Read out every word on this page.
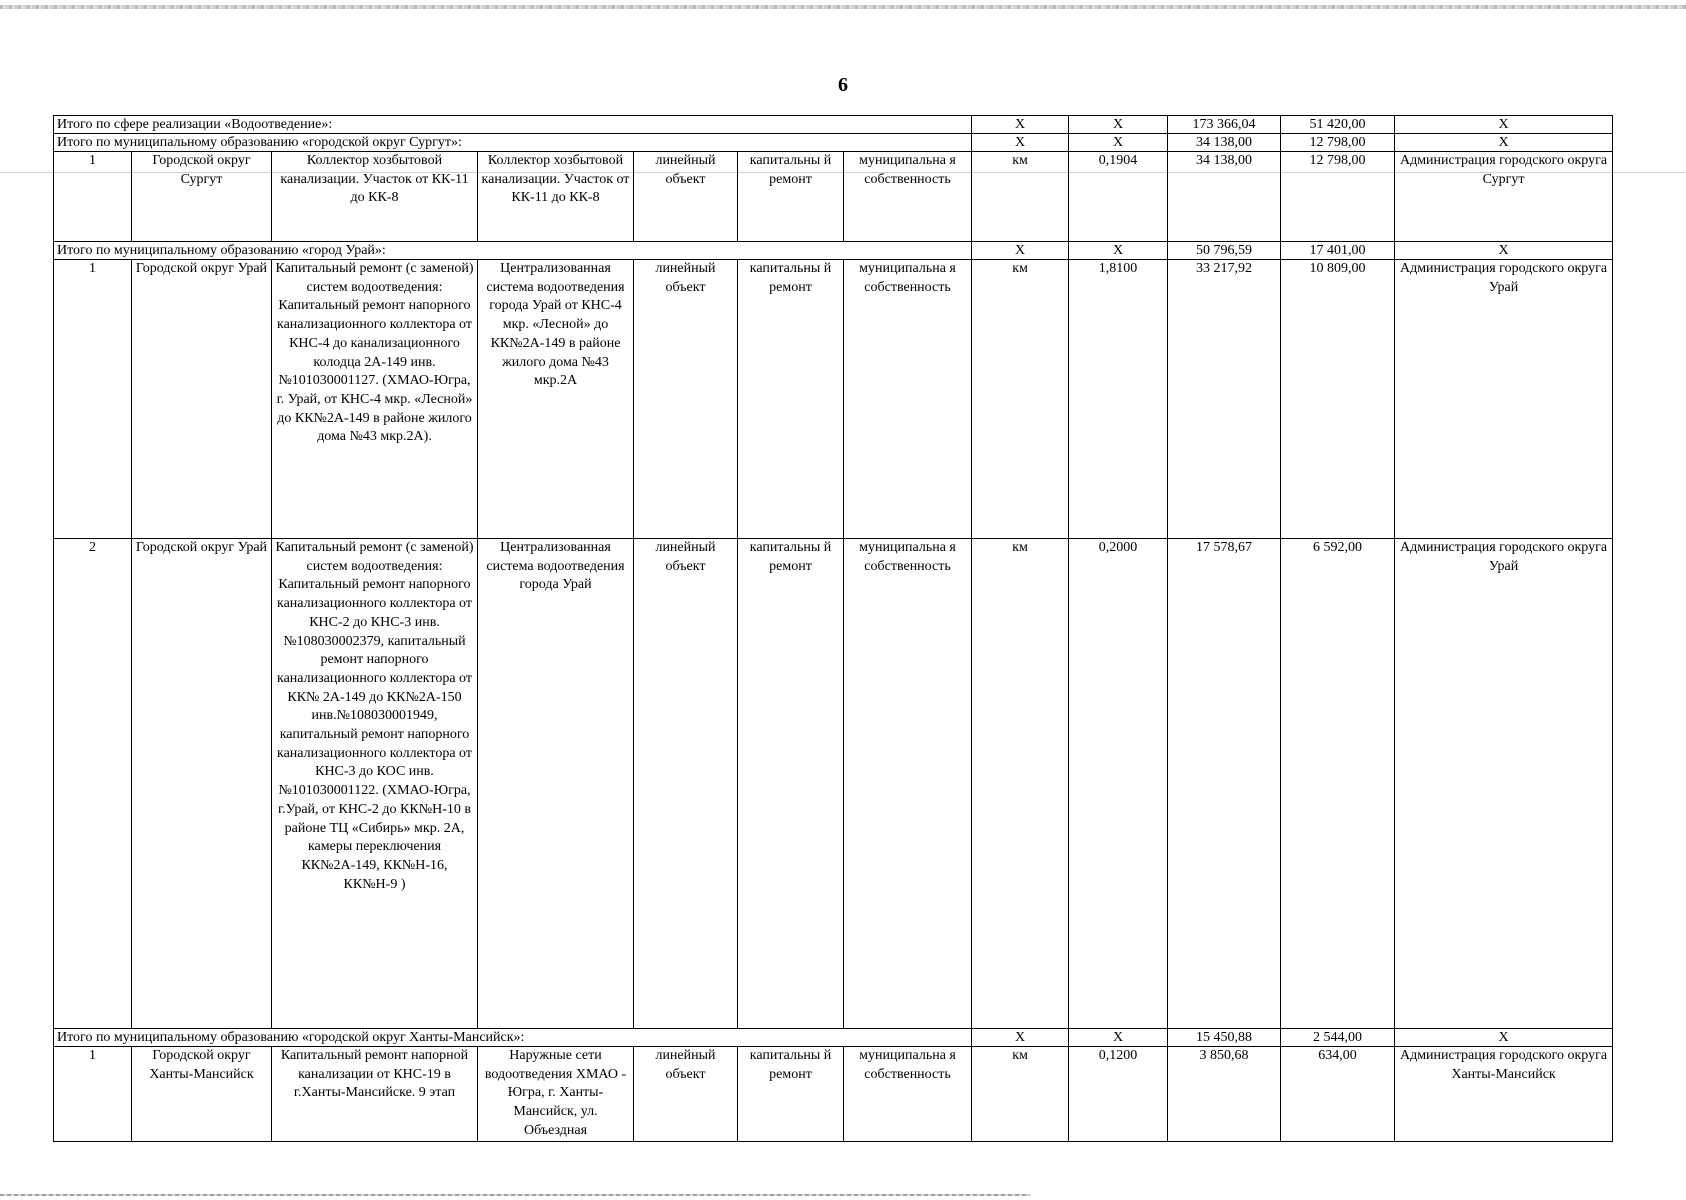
6
Итого по сфере реализации «Водоотведение»:							Х	Х	173 366,04	51 420,00	Х
Итого по муниципальному образованию «городской округ Сургут»:							Х	Х	34 138,00	12 798,00	Х
1	Городской округ Сургут	Коллектор хозбытовой канализации. Участок от КК-11 до КК-8	Коллектор хозбытовой канализации. Участок от КК-11 до КК-8	линейный объект	капитальны й ремонт	муниципальна я собственность	км	0,1904	34 138,00	12 798,00	Администрация городского округа Сургут
Итого по муниципальному образованию «город Урай»:							Х	Х	50 796,59	17 401,00	Х
1	Городской округ Урай	Капитальный ремонт (с заменой) систем водоотведения: Капитальный ремонт напорного канализационного коллектора от КНС-4 до канализационного колодца 2А-149 инв.№101030001127. (ХМАО-Югра, г. Урай, от КНС-4 мкр. «Лесной» до КК№2А-149 в районе жилого дома №43 мкр.2А).	Централизованная система водоотведения города Урай от КНС-4 мкр. «Лесной» до КК№2А-149 в районе жилого дома №43 мкр.2А	линейный объект	капитальны й ремонт	муниципальна я собственность	км	1,8100	33 217,92	10 809,00	Администрация городского округа Урай
2	Городской округ Урай	Капитальный ремонт (с заменой) систем водоотведения: Капитальный ремонт напорного канализационного коллектора от КНС-2 до КНС-3 инв.№108030002379, капитальный ремонт напорного канализационного коллектора от КК№ 2А-149 до КК№2А-150 инв.№108030001949, капитальный ремонт напорного канализационного коллектора от КНС-3 до КОС инв.№101030001122. (ХМАО-Югра, г.Урай, от КНС-2 до КК№Н-10 в районе ТЦ «Сибирь» мкр. 2А, камеры переключения КК№2А-149, КК№Н-16, КК№Н-9 )	Централизованная система водоотведения города Урай	линейный объект	капитальны й ремонт	муниципальна я собственность	км	0,2000	17 578,67	6 592,00	Администрация городского округа Урай
Итого по муниципальному образованию «городской округ Ханты-Мансийск»:							Х	Х	15 450,88	2 544,00	Х
1	Городской округ Ханты-Мансийск	Капитальный ремонт напорной канализации от КНС-19 в г.Ханты-Мансийске. 9 этап	Наружные сети водоотведения ХМАО - Югра, г. Ханты-Мансийск, ул. Объездная	линейный объект	капитальны й ремонт	муниципальна я собственность	км	0,1200	3 850,68	634,00	Администрация городского округа Ханты-Мансийск
